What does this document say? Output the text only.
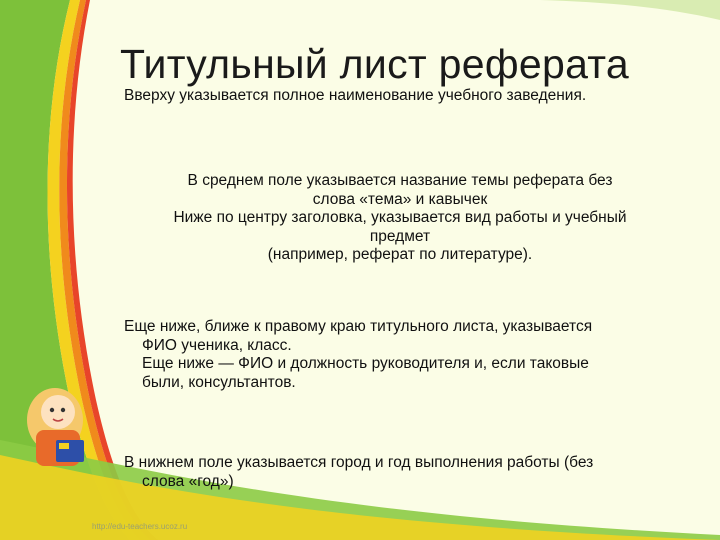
Титульный лист реферата
Вверху указывается полное наименование учебного заведения.
В среднем поле указывается название темы реферата без
слова «тема» и кавычек
Ниже по центру заголовка, указывается вид работы и учебный
предмет
(например, реферат по литературе).
Еще ниже, ближе к правому краю титульного листа, указывается
ФИО ученика, класс.
Еще ниже — ФИО и должность руководителя и, если таковые
были, консультантов.
В нижнем поле указывается город и год выполнения работы (без
слова «год»)
http://edu-teachers.ucoz.ru
